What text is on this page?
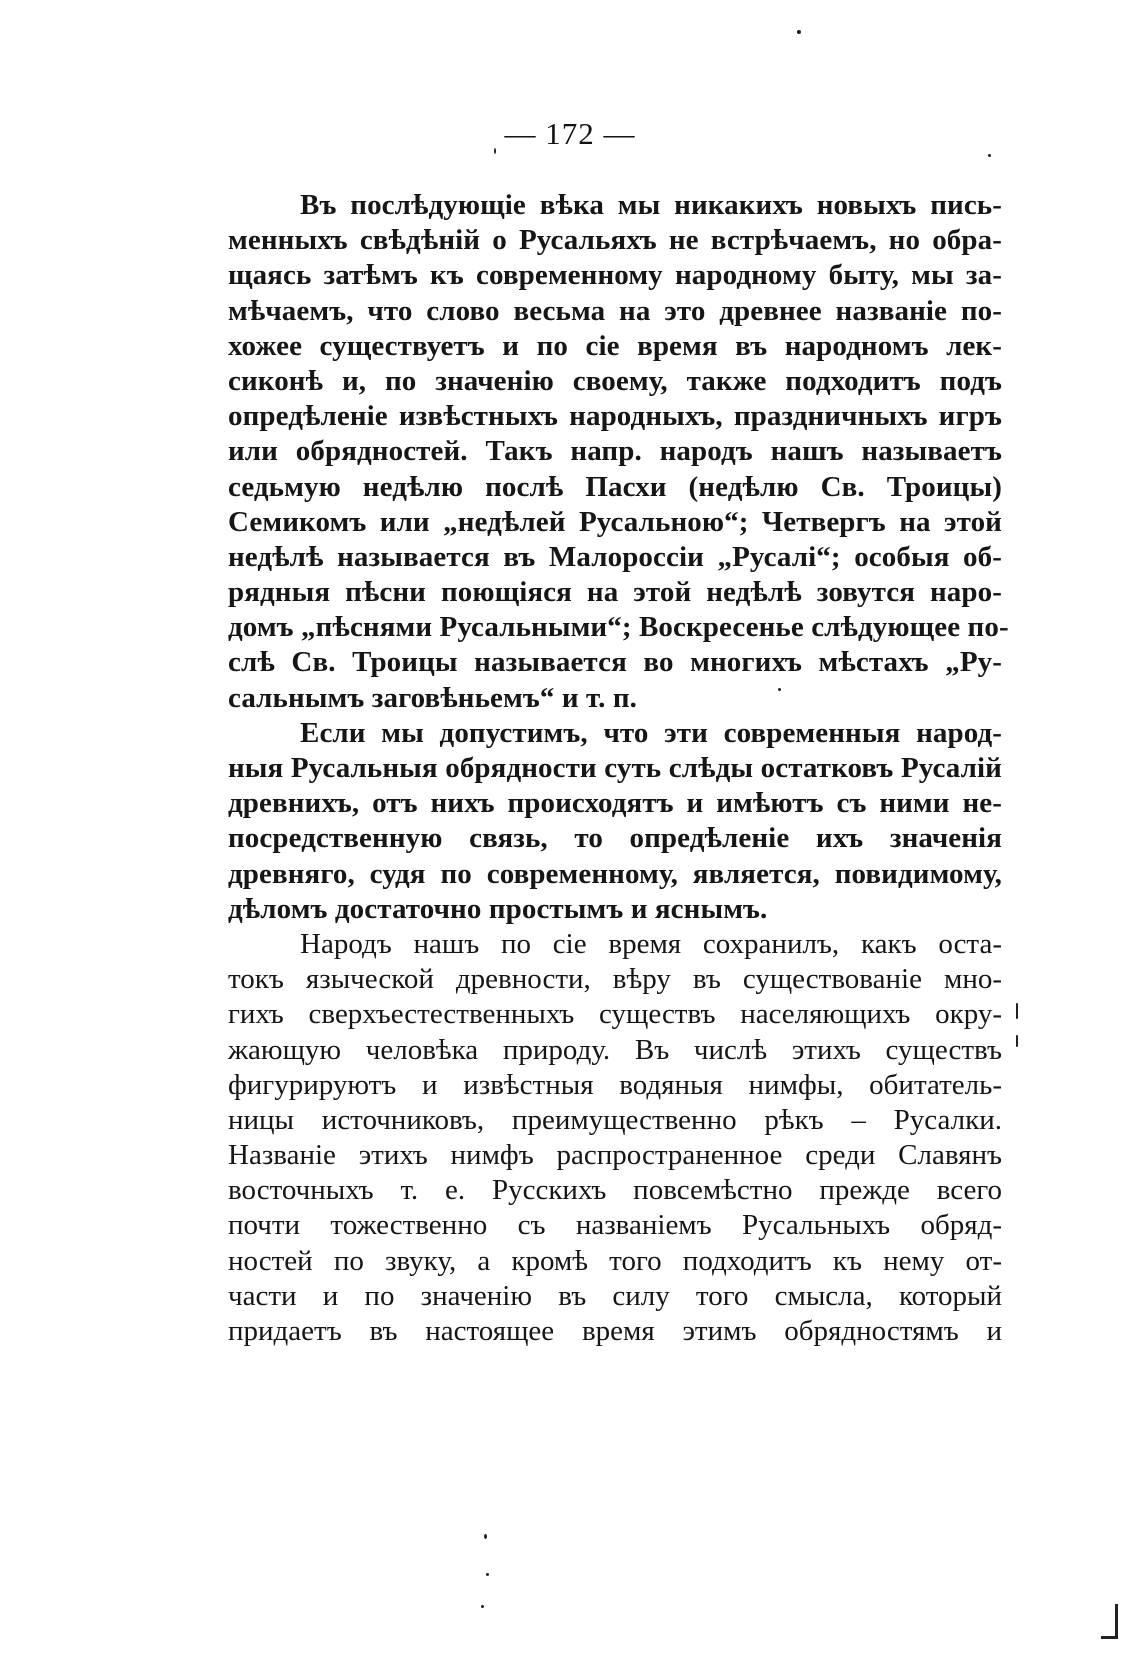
— 172 —
Въ послѣдующіе вѣка мы никакихъ новыхъ пись-
менныхъ свѣдѣній о Русальяхъ не встрѣчаемъ, но обра-
щаясь затѣмъ къ современному народному быту, мы за-
мѣчаемъ, что слово весьма на это древнее названіе по-
хожее существуетъ и по сіе время въ народномъ лек-
сиконѣ и, по значенію своему, также подходитъ подъ
опредѣленіе извѣстныхъ народныхъ, праздничныхъ игръ
или обрядностей. Такъ напр. народъ нашъ называетъ
седьмую недѣлю послѣ Пасхи (недѣлю Св. Троицы)
Семикомъ или „недѣлей Русальною“; Четвергъ на этой
недѣлѣ называется въ Малороссіи „Русалі“; особыя об-
рядныя пѣсни поющіяся на этой недѣлѣ зовутся наро-
домъ „пѣснями Русальными“; Воскресенье слѣдующее по-
слѣ Св. Троицы называется во многихъ мѣстахъ „Ру-
сальнымъ заговѣньемъ“ и т. п.
Если мы допустимъ, что эти современныя народ-
ныя Русальныя обрядности суть слѣды остатковъ Русалій
древнихъ, отъ нихъ происходятъ и имѣютъ съ ними не-
посредственную связь, то опредѣленіе ихъ значенія
древняго, судя по современному, является, повидимому,
дѣломъ достаточно простымъ и яснымъ.
Народъ нашъ по сіе время сохранилъ, какъ оста-
токъ языческой древности, вѣру въ существованіе мно-
гихъ сверхъестественныхъ существъ населяющихъ окру-
жающую человѣка природу. Въ числѣ этихъ существъ
фигурируютъ и извѣстныя водяныя нимфы, обитатель-
ницы источниковъ, преимущественно рѣкъ – Русалки.
Названіе этихъ нимфъ распространенное среди Славянъ
восточныхъ т. е. Русскихъ повсемѣстно прежде всего
почти тожественно съ названіемъ Русальныхъ обряд-
ностей по звуку, а кромѣ того подходитъ къ нему от-
части и по значенію въ силу того смысла, который
придаетъ въ настоящее время этимъ обрядностямъ и
